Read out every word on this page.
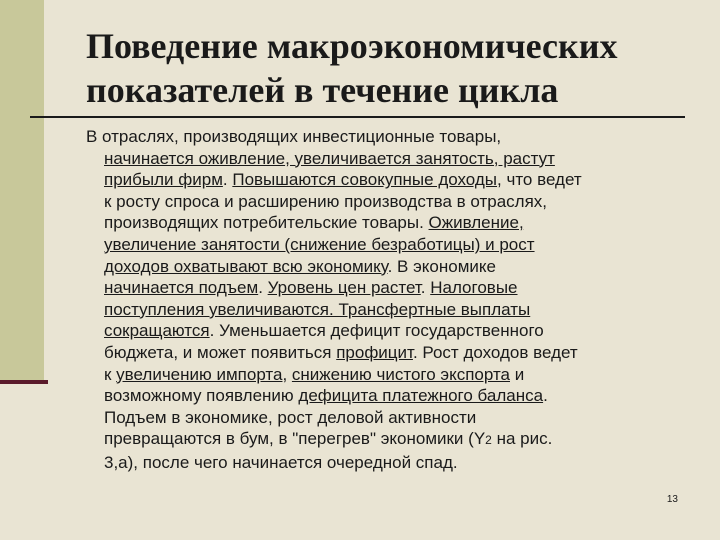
Поведение макроэкономических
показателей в течение цикла
В отраслях, производящих инвестиционные товары,
начинается оживление, увеличивается занятость, растут
прибыли фирм. Повышаются совокупные доходы, что ведет
к росту спроса и расширению производства в отраслях,
производящих потребительские товары. Оживление,
увеличение занятости (снижение безработицы) и рост
доходов охватывают всю экономику. В экономике
начинается подъем. Уровень цен растет. Налоговые
поступления увеличиваются. Трансфертные выплаты
сокращаются. Уменьшается дефицит государственного
бюджета, и может появиться профицит. Рост доходов ведет
к увеличению импорта, снижению чистого экспорта и
возможному появлению дефицита платежного баланса.
Подъем в экономике, рост деловой активности
превращаются в бум, в "перегрев" экономики (Y2 на рис.
3,а), после чего начинается очередной спад.
13
